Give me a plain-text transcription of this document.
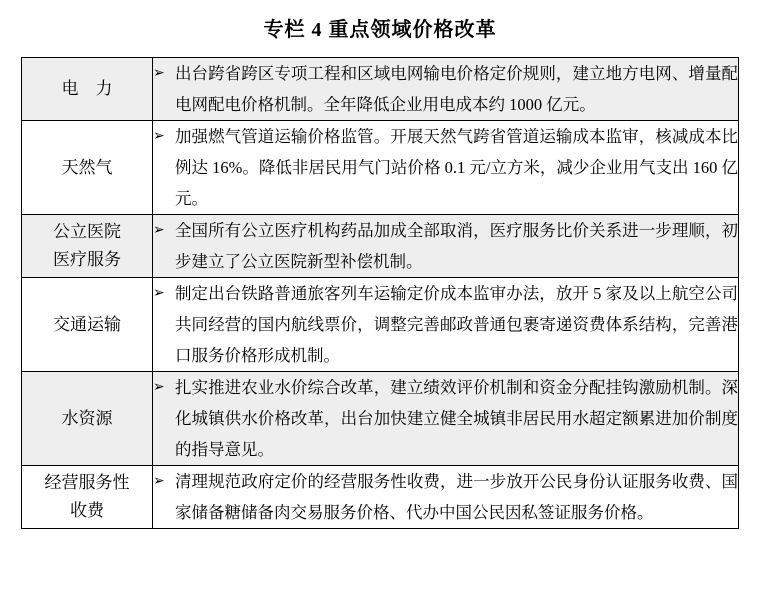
专栏 4 重点领域价格改革
电　力	➢ 出台跨省跨区专项工程和区域电网输电价格定价规则，建立地方电网、增量配电网配电价格机制。全年降低企业用电成本约 1000 亿元。

天然气	➢ 加强燃气管道运输价格监管。开展天然气跨省管道运输成本监审，核减成本比例达 16%。降低非居民用气门站价格 0.1 元/立方米，减少企业用气支出 160 亿元。

公立医院
医疗服务	➢ 全国所有公立医疗机构药品加成全部取消，医疗服务比价关系进一步理顺，初步建立了公立医院新型补偿机制。

交通运输	➢ 制定出台铁路普通旅客列车运输定价成本监审办法，放开 5 家及以上航空公司共同经营的国内航线票价，调整完善邮政普通包裹寄递资费体系结构，完善港口服务价格形成机制。

水资源	➢ 扎实推进农业水价综合改革，建立绩效评价机制和资金分配挂钩激励机制。深化城镇供水价格改革，出台加快建立健全城镇非居民用水超定额累进加价制度的指导意见。

经营服务性
收费	➢ 清理规范政府定价的经营服务性收费，进一步放开公民身份认证服务收费、国家储备糖储备肉交易服务价格、代办中国公民因私签证服务价格。
